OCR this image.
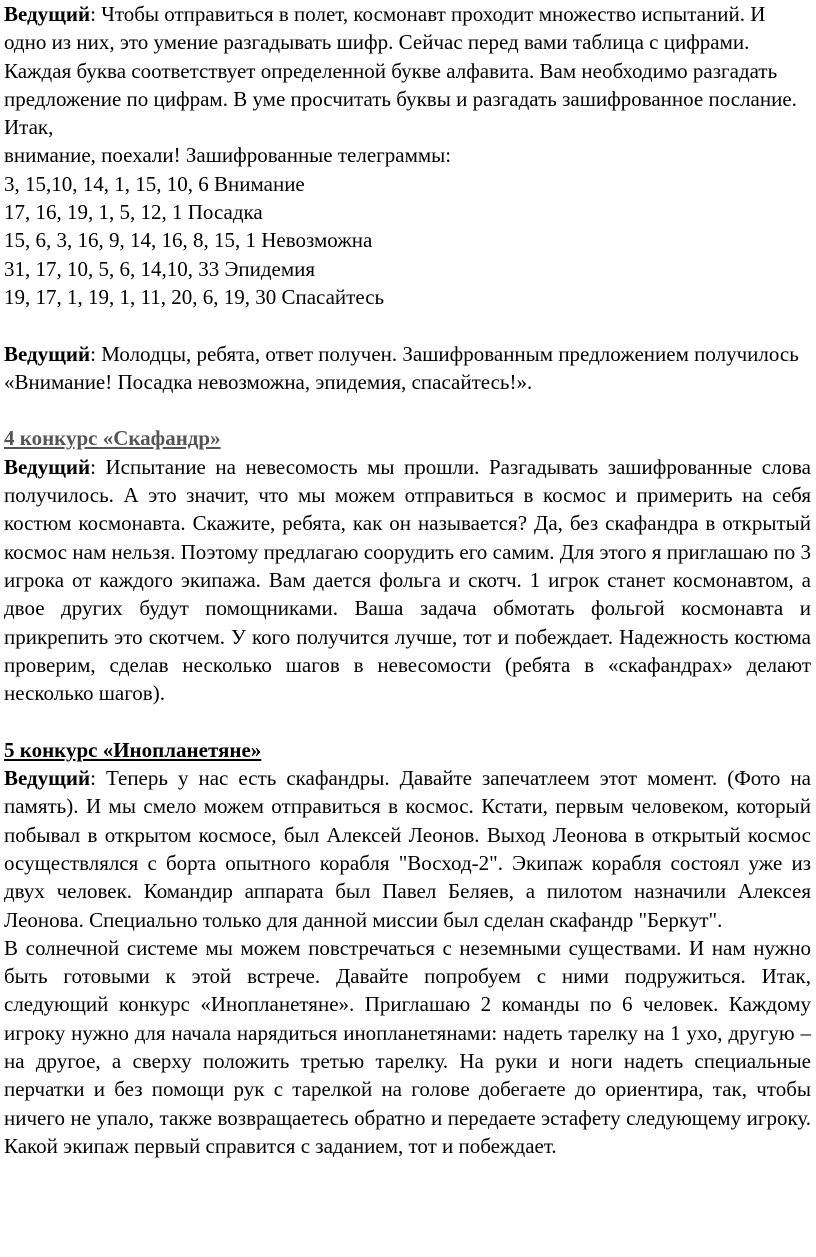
Ведущий: Чтобы отправиться в полет, космонавт проходит множество испытаний. И одно из них, это умение разгадывать шифр. Сейчас перед вами таблица с цифрами. Каждая буква соответствует определенной букве алфавита. Вам необходимо разгадать предложение по цифрам. В уме просчитать буквы и разгадать зашифрованное послание. Итак,
внимание, поехали! Зашифрованные телеграммы:

3, 15,10, 14, 1, 15, 10, 6 Внимание

17, 16, 19, 1, 5, 12, 1 Посадка

15, 6, 3, 16, 9, 14, 16, 8, 15, 1 Невозможна

31, 17, 10, 5, 6, 14,10, 33 Эпидемия

19, 17, 1, 19, 1, 11, 20, 6, 19, 30 Спасайтесь

Ведущий: Молодцы, ребята, ответ получен. Зашифрованным предложением получилось «Внимание! Посадка невозможна, эпидемия, спасайтесь!».

4 конкурс «Скафандр»

Ведущий: Испытание на невесомость мы прошли. Разгадывать зашифрованные слова получилось. А это значит, что мы можем отправиться в космос и примерить на себя костюм космонавта. Скажите, ребята, как он называется? Да, без скафандра в открытый космос нам нельзя. Поэтому предлагаю соорудить его самим. Для этого я приглашаю по 3 игрока от каждого экипажа. Вам дается фольга и скотч. 1 игрок станет космонавтом, а двое других будут помощниками. Ваша задача обмотать фольгой космонавта и прикрепить это скотчем. У кого получится лучше, тот и побеждает. Надежность костюма проверим, сделав несколько шагов в невесомости (ребята в «скафандрах» делают несколько шагов).

5 конкурс «Инопланетяне»

Ведущий: Теперь у нас есть скафандры. Давайте запечатлеем этот момент. (Фото на память). И мы смело можем отправиться в космос. Кстати, первым человеком, который побывал в открытом космосе, был Алексей Леонов. Выход Леонова в открытый космос осуществлялся с борта опытного корабля "Восход-2". Экипаж корабля состоял уже из двух человек. Командир аппарата был Павел Беляев, а пилотом назначили Алексея Леонова. Специально только для данной миссии был сделан скафандр "Беркут".

В солнечной системе мы можем повстречаться с неземными существами. И нам нужно быть готовыми к этой встрече. Давайте попробуем с ними подружиться. Итак, следующий конкурс «Инопланетяне». Приглашаю 2 команды по 6 человек. Каждому игроку нужно для начала нарядиться инопланетянами: надеть тарелку на 1 ухо, другую – на другое, а сверху положить третью тарелку. На руки и ноги надеть специальные перчатки и без помощи рук с тарелкой на голове добегаете до ориентира, так, чтобы ничего не упало, также возвращаетесь обратно и передаете эстафету следующему игроку. Какой экипаж первый справится с заданием, тот и побеждает.
